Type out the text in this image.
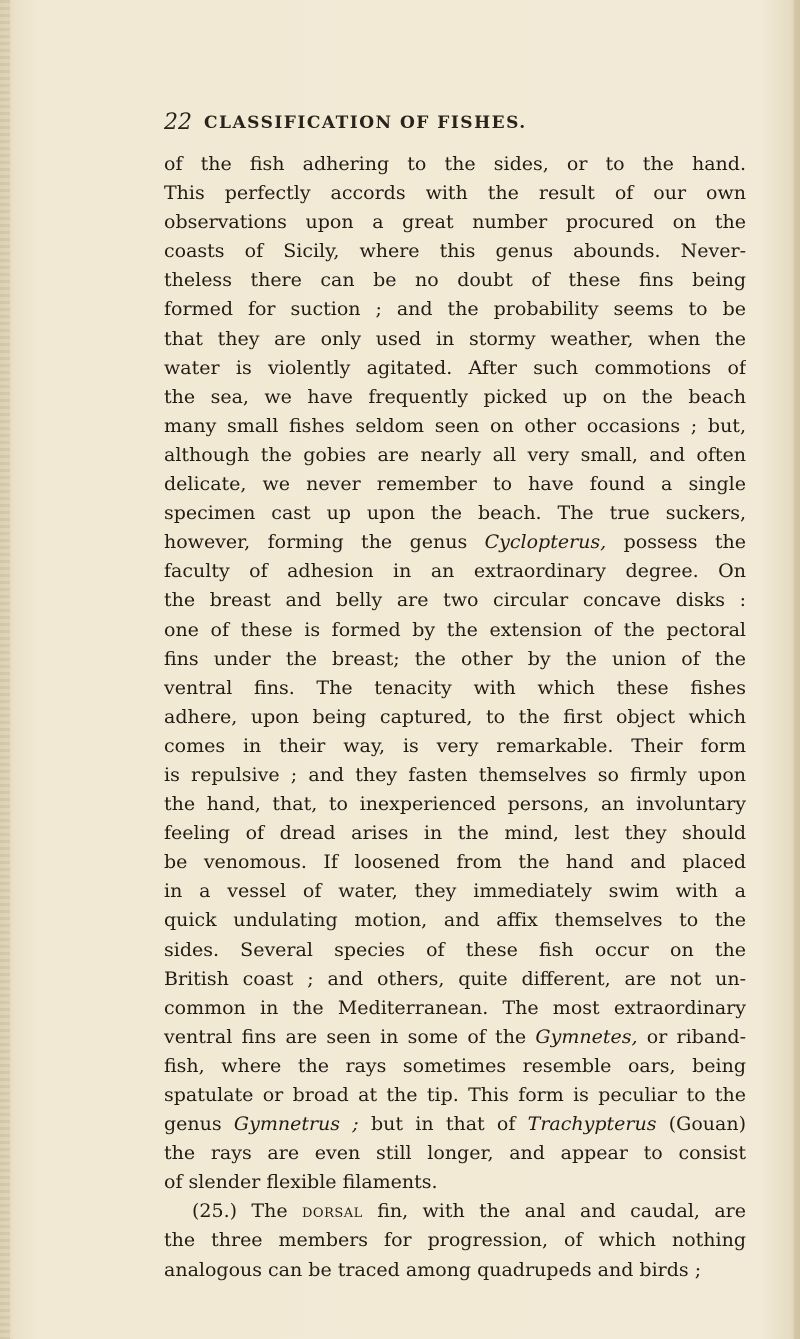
22 CLASSIFICATION OF FISHES.
of the fish adhering to the sides, or to the hand.
This perfectly accords with the result of our own
observations upon a great number procured on the
coasts of Sicily, where this genus abounds. Never-
theless there can be no doubt of these fins being
formed for suction ; and the probability seems to be
that they are only used in stormy weather, when the
water is violently agitated. After such commotions of
the sea, we have frequently picked up on the beach
many small fishes seldom seen on other occasions ; but,
although the gobies are nearly all very small, and often
delicate, we never remember to have found a single
specimen cast up upon the beach. The true suckers,
however, forming the genus Cyclopterus, possess the
faculty of adhesion in an extraordinary degree. On
the breast and belly are two circular concave disks :
one of these is formed by the extension of the pectoral
fins under the breast; the other by the union of the
ventral fins. The tenacity with which these fishes
adhere, upon being captured, to the first object which
comes in their way, is very remarkable. Their form
is repulsive ; and they fasten themselves so firmly upon
the hand, that, to inexperienced persons, an involuntary
feeling of dread arises in the mind, lest they should
be venomous. If loosened from the hand and placed
in a vessel of water, they immediately swim with a
quick undulating motion, and affix themselves to the
sides. Several species of these fish occur on the
British coast ; and others, quite different, are not un-
common in the Mediterranean. The most extraordinary
ventral fins are seen in some of the Gymnetes, or riband-
fish, where the rays sometimes resemble oars, being
spatulate or broad at the tip. This form is peculiar to the
genus Gymnetrus ; but in that of Trachypterus (Gouan)
the rays are even still longer, and appear to consist
of slender flexible filaments.
(25.) The dorsal fin, with the anal and caudal, are
the three members for progression, of which nothing
analogous can be traced among quadrupeds and birds ;
